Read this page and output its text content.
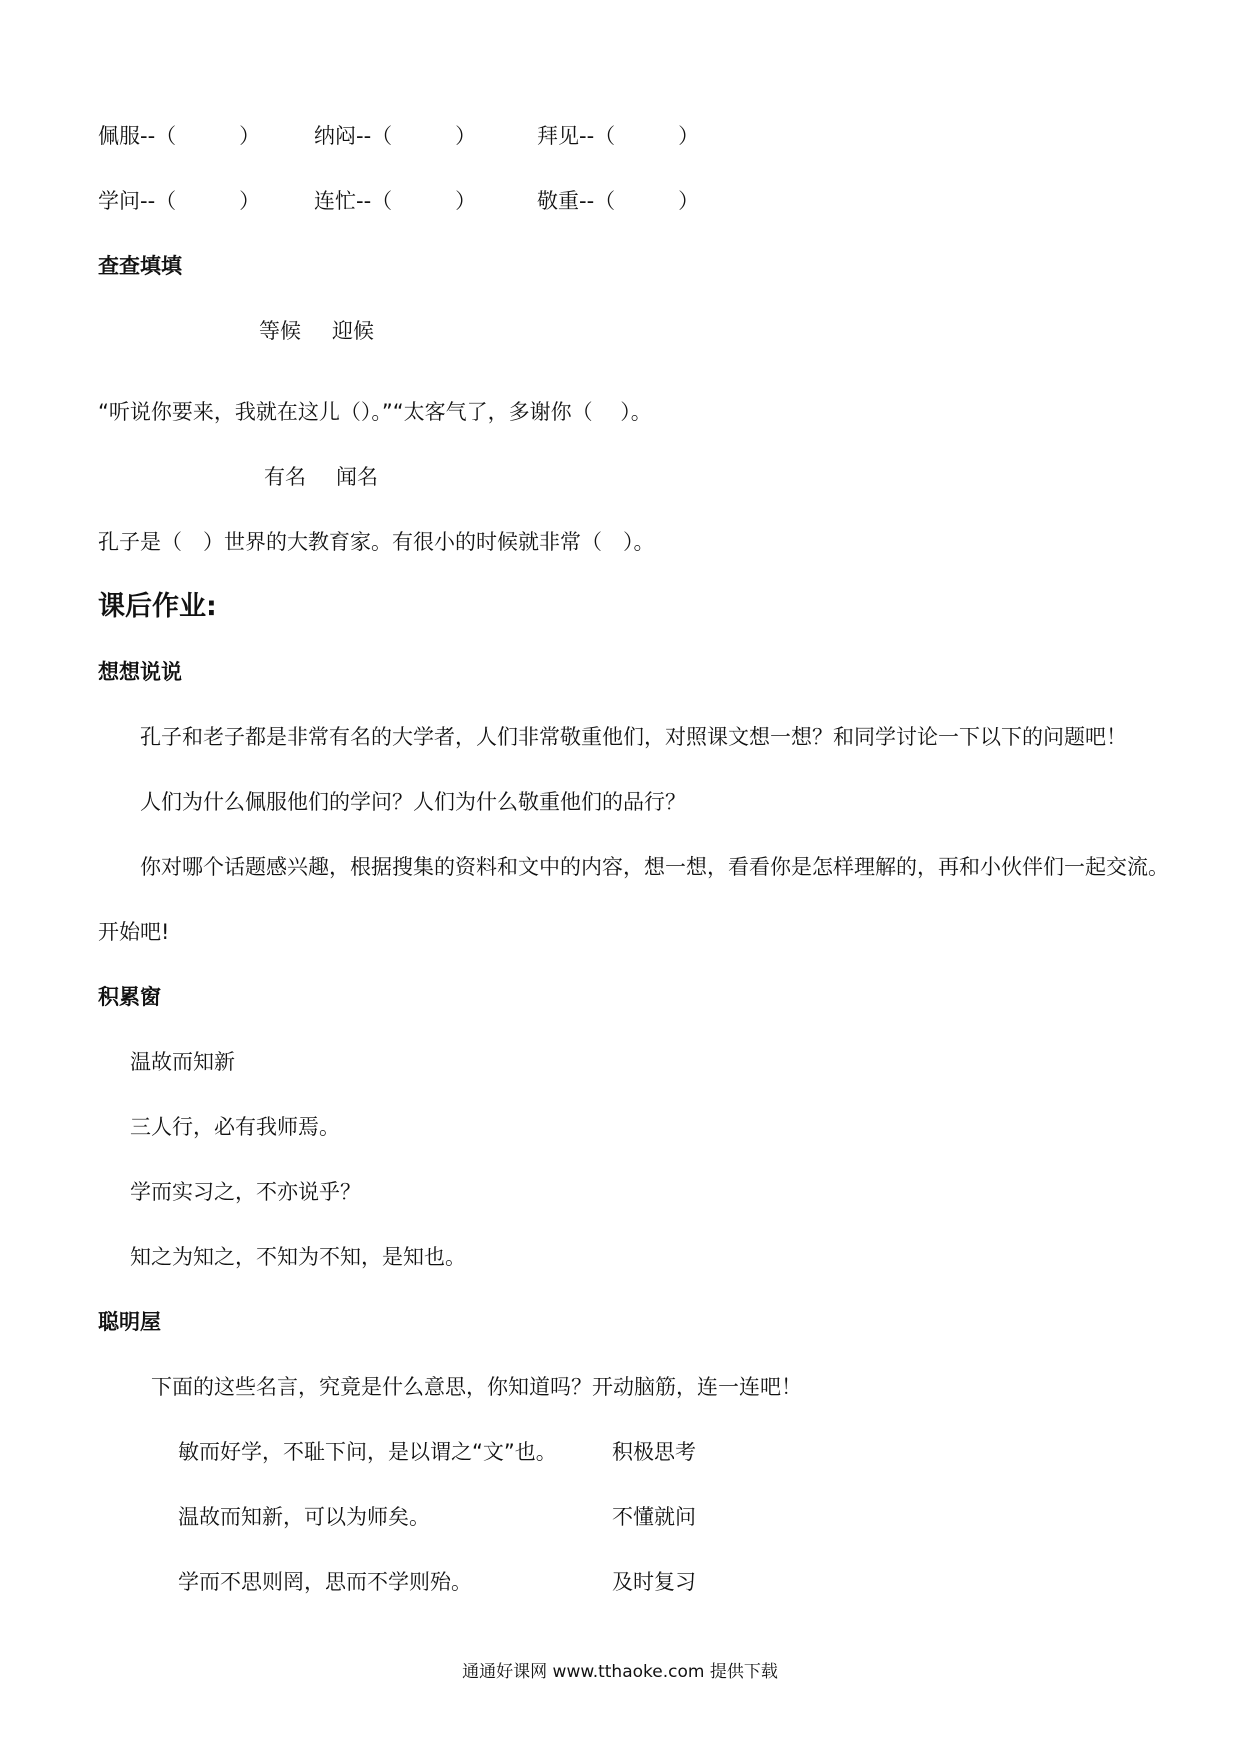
佩服--（　　　）	纳闷--（　　　）	拜见--（　　　）
学问--（　　　）	连忙--（　　　）	敬重--（　　　）
查查填填
等候 迎候
“听说你要来，我就在这儿（）。”“太客气了，多谢你（　 ）。
有名 闻名
孔子是（　）世界的大教育家。有很小的时候就非常（　）。
课后作业:
想想说说
孔子和老子都是非常有名的大学者，人们非常敬重他们，对照课文想一想？和同学讨论一下以下的问题吧！
人们为什么佩服他们的学问？人们为什么敬重他们的品行？
你对哪个话题感兴趣，根据搜集的资料和文中的内容，想一想，看看你是怎样理解的，再和小伙伴们一起交流。
开始吧!
积累窗
温故而知新
三人行，必有我师焉。
学而实习之，不亦说乎？
知之为知之，不知为不知，是知也。
聪明屋
下面的这些名言，究竟是什么意思，你知道吗？开动脑筋，连一连吧！
敏而好学，不耻下问，是以谓之“文”也。	积极思考
温故而知新，可以为师矣。	不懂就问
学而不思则罔，思而不学则殆。	及时复习
通通好课网 www.tthaoke.com 提供下载
